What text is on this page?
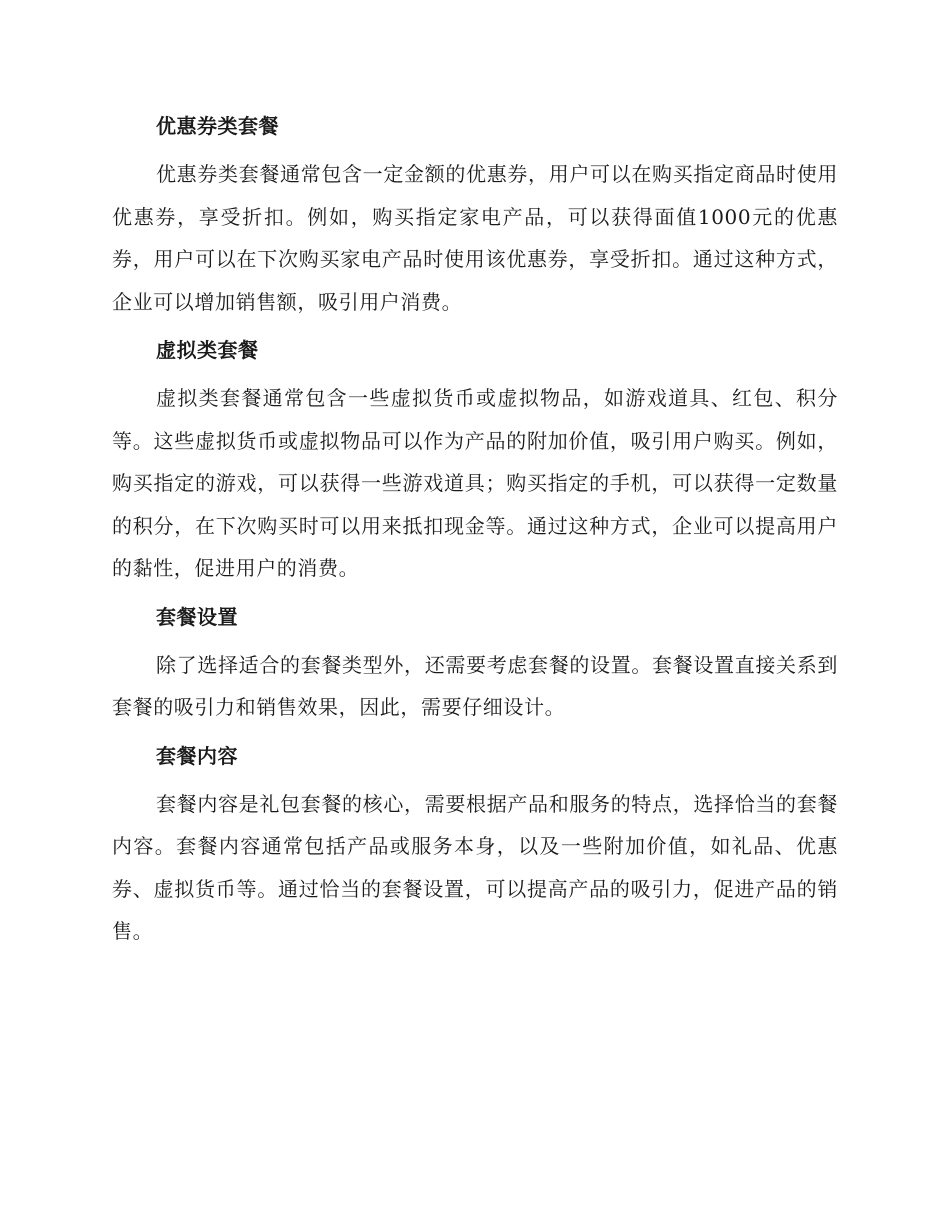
优惠券类套餐

优惠券类套餐通常包含一定金额的优惠券，用户可以在购买指定商品时使用优惠券，享受折扣。例如，购买指定家电产品，可以获得面值1000元的优惠券，用户可以在下次购买家电产品时使用该优惠券，享受折扣。通过这种方式，企业可以增加销售额，吸引用户消费。

虚拟类套餐

虚拟类套餐通常包含一些虚拟货币或虚拟物品，如游戏道具、红包、积分等。这些虚拟货币或虚拟物品可以作为产品的附加价值，吸引用户购买。例如，购买指定的游戏，可以获得一些游戏道具；购买指定的手机，可以获得一定数量的积分，在下次购买时可以用来抵扣现金等。通过这种方式，企业可以提高用户的黏性，促进用户的消费。

套餐设置

除了选择适合的套餐类型外，还需要考虑套餐的设置。套餐设置直接关系到套餐的吸引力和销售效果，因此，需要仔细设计。

套餐内容

套餐内容是礼包套餐的核心，需要根据产品和服务的特点，选择恰当的套餐内容。套餐内容通常包括产品或服务本身，以及一些附加价值，如礼品、优惠券、虚拟货币等。通过恰当的套餐设置，可以提高产品的吸引力，促进产品的销售。
